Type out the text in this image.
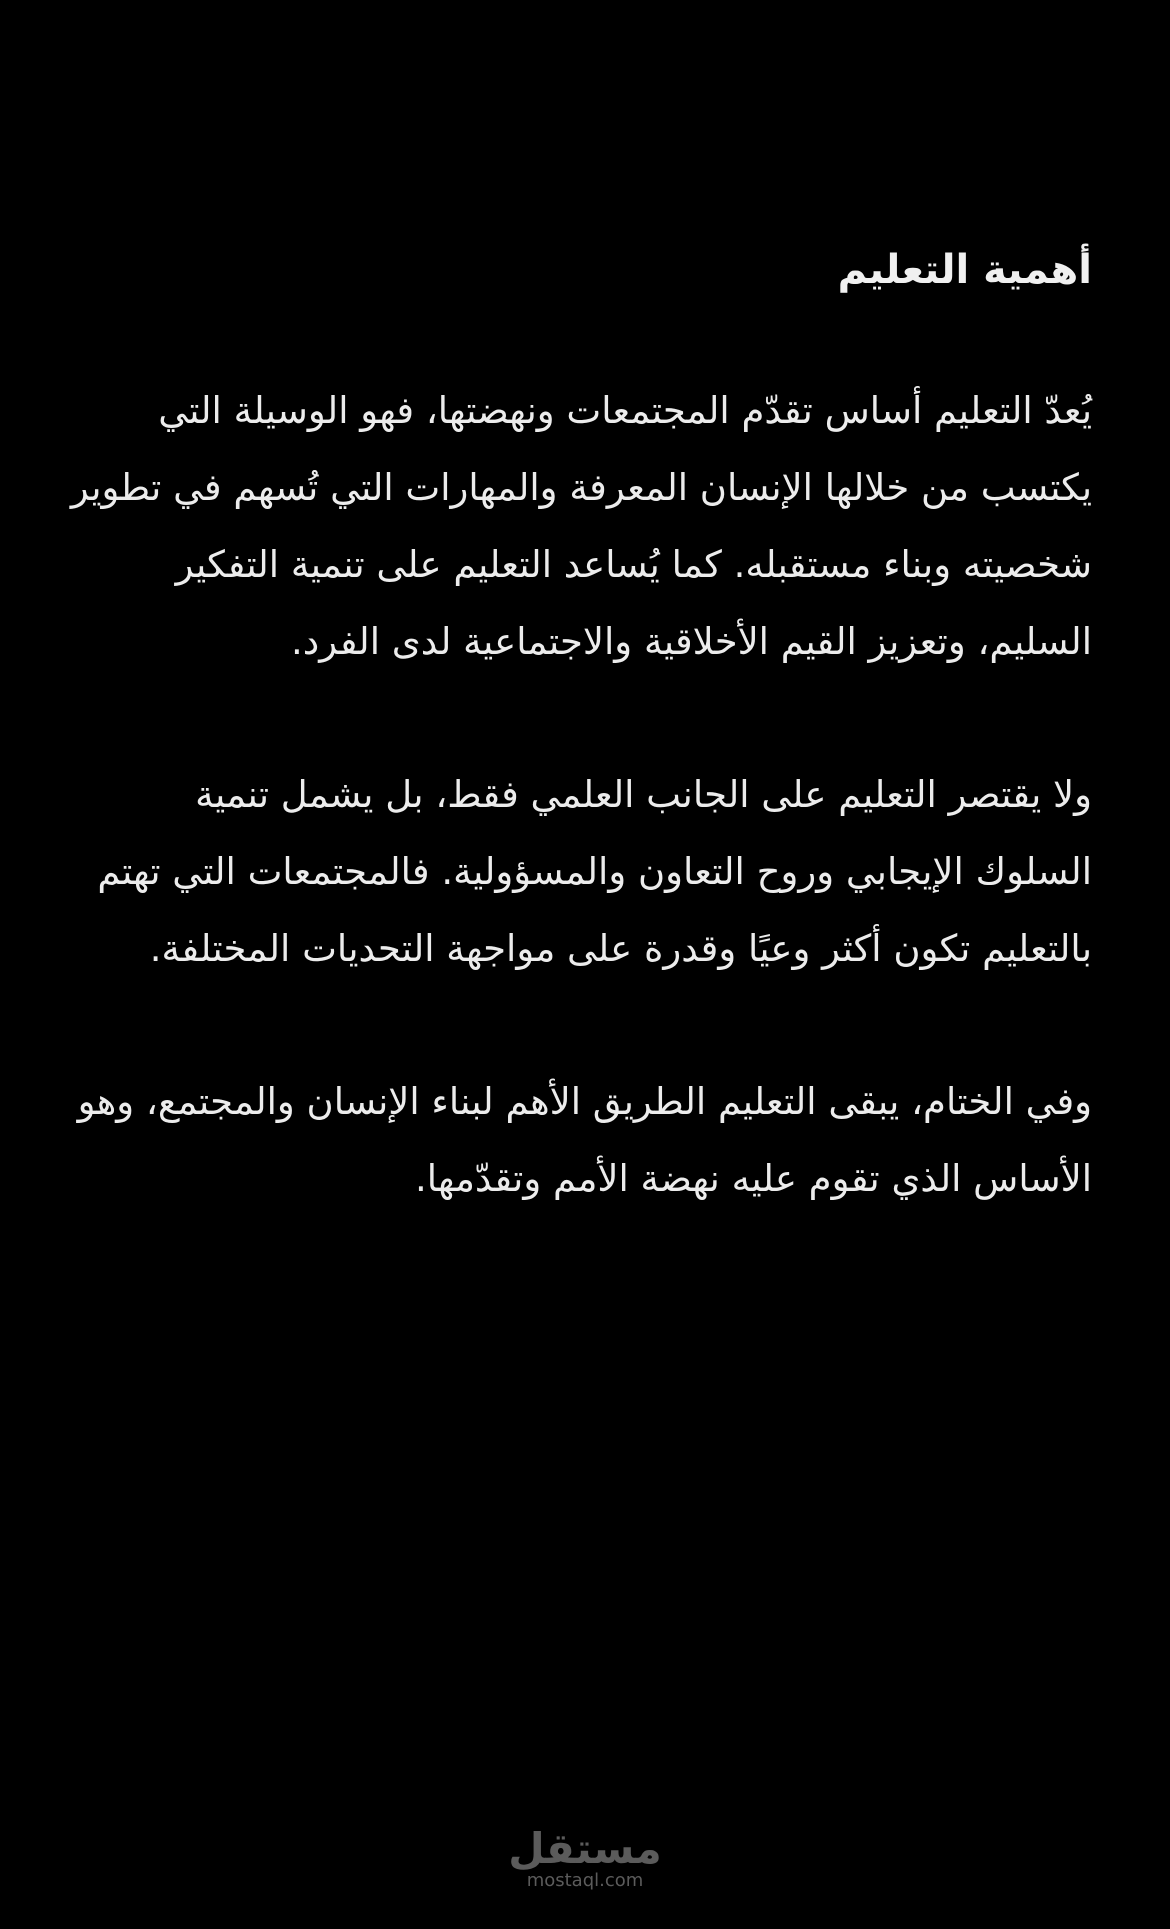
أهمية التعليم

يُعدّ التعليم أساس تقدّم المجتمعات ونهضتها، فهو الوسيلة التي يكتسب من خلالها الإنسان المعرفة والمهارات التي تُسهم في تطوير شخصيته وبناء مستقبله. كما يُساعد التعليم على تنمية التفكير السليم، وتعزيز القيم الأخلاقية والاجتماعية لدى الفرد.

ولا يقتصر التعليم على الجانب العلمي فقط، بل يشمل تنمية السلوك الإيجابي وروح التعاون والمسؤولية. فالمجتمعات التي تهتم بالتعليم تكون أكثر وعيًا وقدرة على مواجهة التحديات المختلفة.

وفي الختام، يبقى التعليم الطريق الأهم لبناء الإنسان والمجتمع، وهو الأساس الذي تقوم عليه نهضة الأمم وتقدّمها.

مستقل
mostaql.com
